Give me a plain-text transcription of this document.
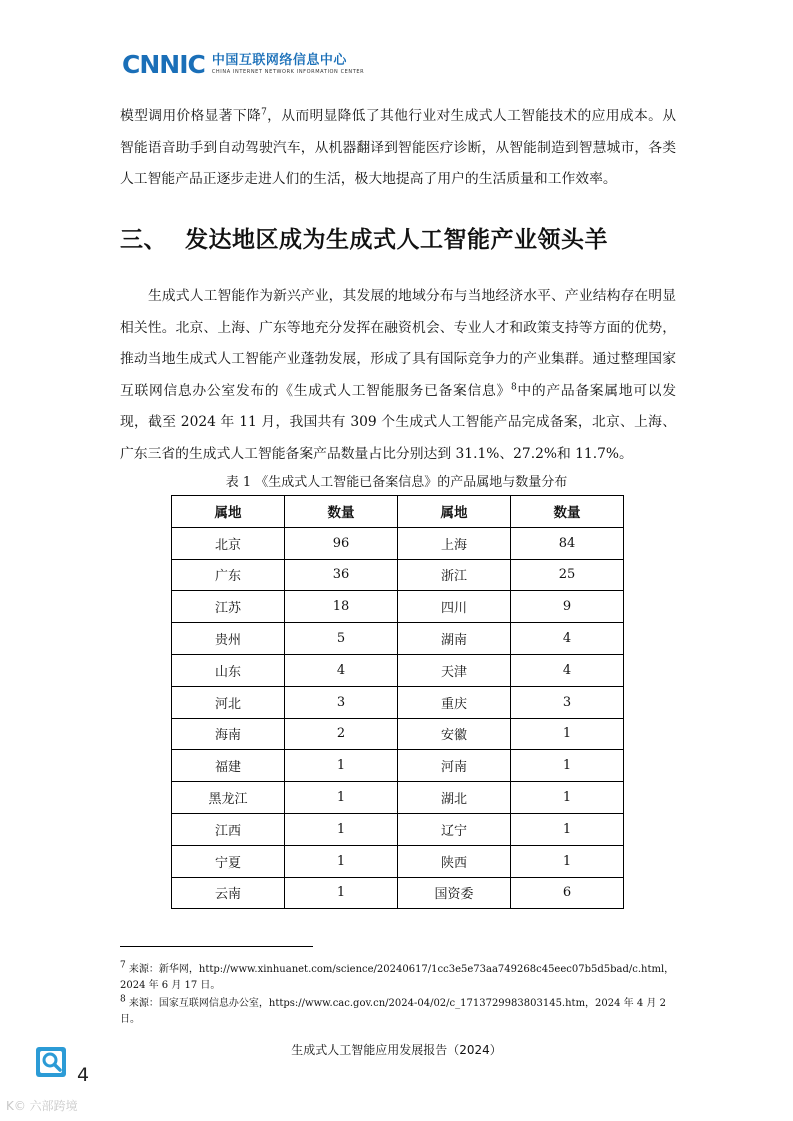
CNNIC 中国互联网络信息中心
CHINA INTERNET NETWORK INFORMATION CENTER

模型调用价格显著下降$^7$，从而明显降低了其他行业对生成式人工智能技术的应用成本。从智能语音助手到自动驾驶汽车，从机器翻译到智能医疗诊断，从智能制造到智慧城市，各类人工智能产品正逐步走进人们的生活，极大地提高了用户的生活质量和工作效率。

三、 发达地区成为生成式人工智能产业领头羊

生成式人工智能作为新兴产业，其发展的地域分布与当地经济水平、产业结构存在明显相关性。北京、上海、广东等地充分发挥在融资机会、专业人才和政策支持等方面的优势，推动当地生成式人工智能产业蓬勃发展，形成了具有国际竞争力的产业集群。通过整理国家互联网信息办公室发布的《生成式人工智能服务已备案信息》$^8$中的产品备案属地可以发现，截至 2024 年 11 月，我国共有 309 个生成式人工智能产品完成备案，北京、上海、广东三省的生成式人工智能备案产品数量占比分别达到 31.1%、27.2%和 11.7%。

表 1 《生成式人工智能已备案信息》的产品属地与数量分布
属地	数量	属地	数量
北京	96	上海	84
广东	36	浙江	25
江苏	18	四川	9
贵州	5	湖南	4
山东	4	天津	4
河北	3	重庆	3
海南	2	安徽	1
福建	1	河南	1
黑龙江	1	湖北	1
江西	1	辽宁	1
宁夏	1	陕西	1
云南	1	国资委	6

$^7$ 来源：新华网，http://www.xinhuanet.com/science/20240617/1cc3e5e73aa749268c45eec07b5d5bad/c.html，2024 年 6 月 17 日。

$^8$ 来源：国家互联网信息办公室，https://www.cac.gov.cn/2024-04/02/c_1713729983803145.htm，2024 年 4 月 2 日。

生成式人工智能应用发展报告（2024）
4
K© 六部跨境
